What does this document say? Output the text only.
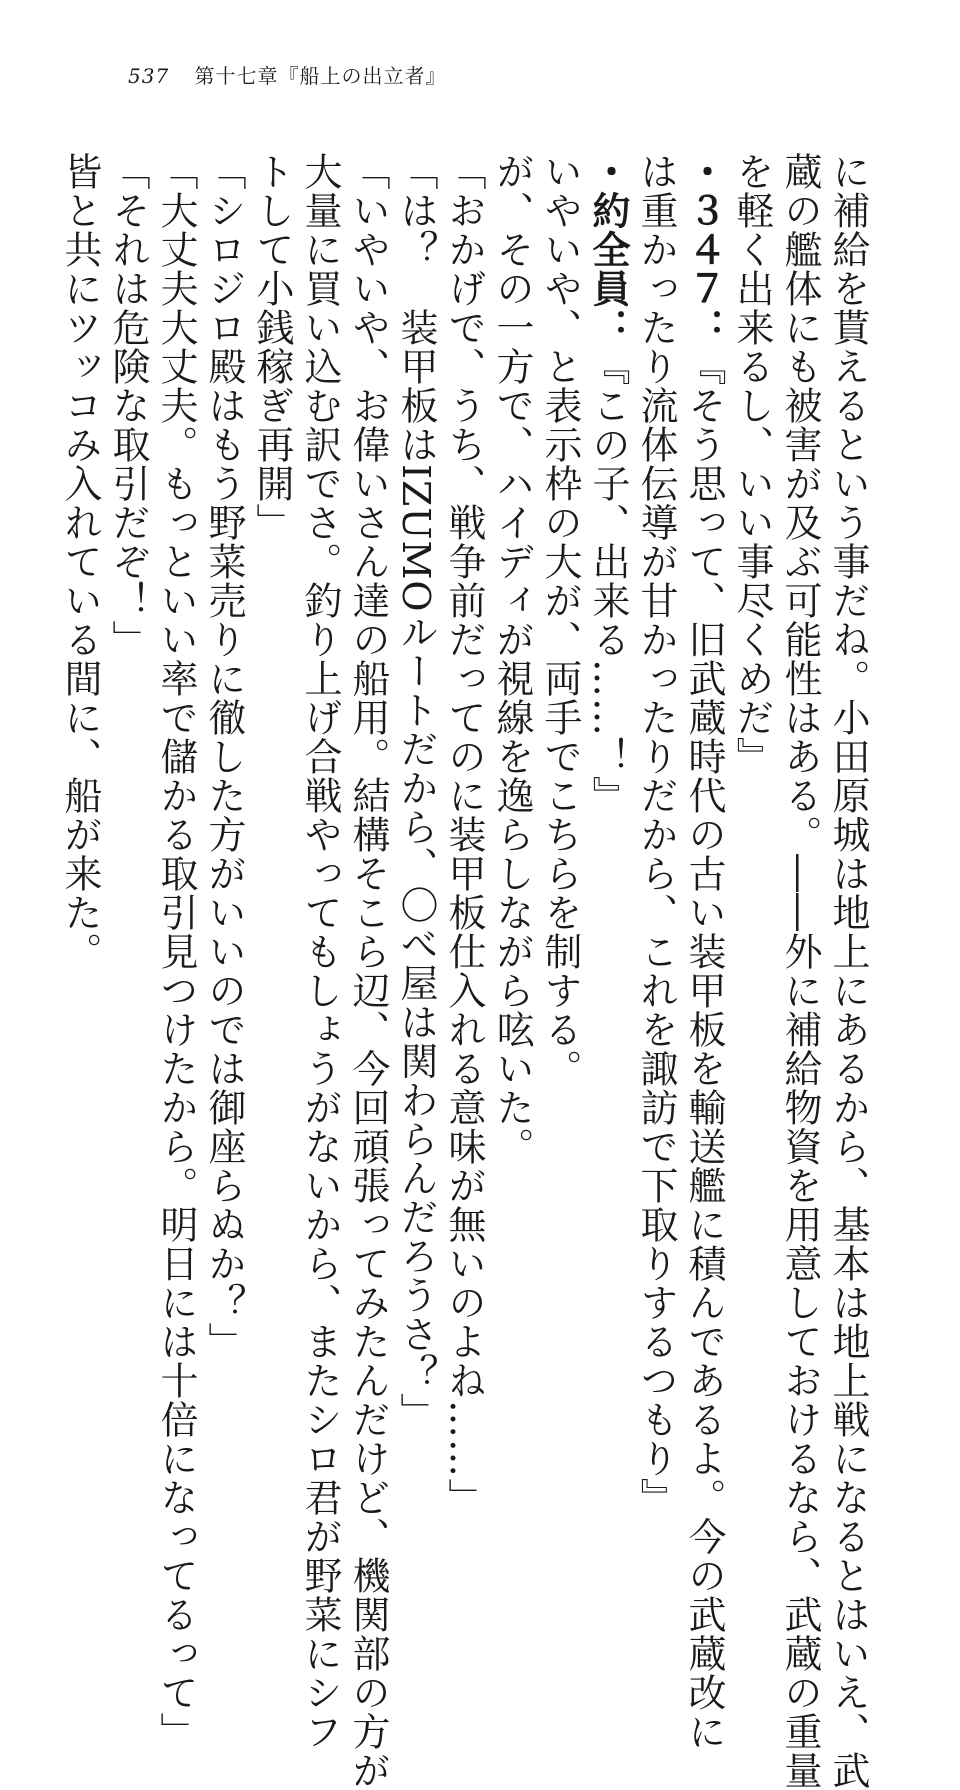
537 第十七章『船上の出立者』
に補給を貰えるという事だね。小田原城は地上にあるから、基本は地上戦になるとはいえ、武
蔵の艦体にも被害が及ぶ可能性はある。――外に補給物資を用意しておけるなら、武蔵の重量
を軽く出来るし、いい事尽くめだ』
・３４７：『そう思って、旧武蔵時代の古い装甲板を輸送艦に積んであるよ。今の武蔵改に
は重かったり流体伝導が甘かったりだから、これを諏訪で下取りするつもり』
・約全員：『この子、出来る……！』
いやいや、と表示枠の大が、両手でこちらを制する。
が、その一方で、ハイディが視線を逸らしながら呟いた。
「おかげで、うち、戦争前だってのに装甲板仕入れる意味が無いのよね……」
「は？　装甲板はIZUMOルートだから、〇べ屋は関わらんだろうさ？」
「いやいや、お偉いさん達の船用。結構そこら辺、今回頑張ってみたんだけど、機関部の方が
大量に買い込む訳でさ。釣り上げ合戦やってもしょうがないから、またシロ君が野菜にシフ
トして小銭稼ぎ再開」
「シロジロ殿はもう野菜売りに徹した方がいいのでは御座らぬか？」
「大丈夫大丈夫。もっといい率で儲かる取引見つけたから。明日には十倍になってるって」
「それは危険な取引だぞ！」
皆と共にツッコみ入れている間に、船が来た。
